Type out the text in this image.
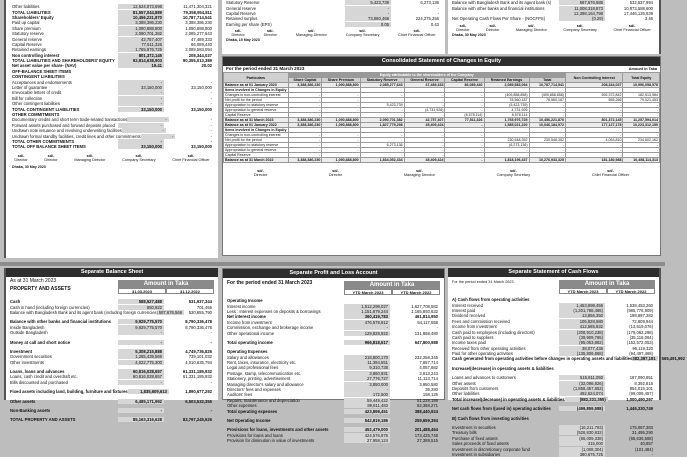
Other liabilities	12,524,073,698	11,471,304,321
TOTAL LIABILITIES	81,557,044,889	79,358,954,811
Shareholders' Equity	10,456,221,870	10,787,714,541
Paid up capital	3,388,386,230	3,388,386,230
Share premium	1,090,888,800	1,090,888,800
Statutory reserve	2,090,701,382	2,085,277,643
General reserve	42,757,407	47,489,333
Capital Reserve	77,511,326	86,089,440
Retained earnings	1,765,976,725	2,089,583,094
Non controlling interest	801,372,145	208,344,037
TOTAL LIABILITIES AND SHAREHOLDERS' EQUITY	92,814,638,903	90,355,013,389
Net asset value per share- (NAV)	19.41	20.02
OFF-BALANCE SHEET ITEMS
CONTINGENT LIABILITIES
Acceptances and endorsements	-	-
Letter of guarantee	33,150,000	33,150,000
Irrevocable letters of credit	-	-
Bill for collection	-	-
Other contingent liabilities	-	-
TOTAL CONTINGENT LIABILITIES	33,150,000	33,150,000
OTHER COMMITMENTS
Documentary credits and short term trade-related transactions	-	-
Forward assets purchased and forward deposits placed	-	-
Undrawn note issuance and revolving underwriting facilities	-	-
Undrawn formal standby facilities, credit lines and other commitments	-	-
TOTAL OTHER COMMITMENTS	-	-
TOTAL OFF BALANCE SHEET ITEMS	33,150,000	33,150,000
sd/-
Director
sd/-
Director
sd/-
Managing Director
sd/-
Company Secretary
sd/-
Chief Financial Officer
Dhaka, 30 May 2023
Statutory Reserve	5,423,739	6,273,136
General reserve	-	-
Capital Reserve	-	-
Retained surplus	73,060,468	224,275,256
Earning per share (EPS)	0.05	0.43
sd/-
Director
sd/-
Director
sd/-
Managing Director
sd/-
Company Secretary
sd/-
Chief Financial Officer
Dhaka, 15 May 2023
Balance with Bangladesh Bank and its agent bank (s)	587,676,586	532,537,994
Balance with other banks and financial institutions	11,008,318,873	10,873,588,600
12,398,164,798	17,446,126,639
Net Operating Cash Flows Per Share - (NOCFPS)	(0.29)	3.46
sd/-
Director
sd/-
Director
sd/-
Managing Director
sd/-
Company Secretary
sd/-
Chief Financial Officer
Dhaka, 30 May 2023
Consolidated Statement of Changes in Equity
For the period ended 31 March 2023	Amount in Taka
Particulars	Equity attributable to the shareholders of the Company							Non Controlling Interest	Total Equity
	Share Capital	Share Premium	Statutory Reserve	General Reserve	Capital Reserve	Retained Earnings	Total		
Balance as at 01 January 2023	3,388,386,230	1,090,888,800	2,085,277,643	47,489,333	86,089,440	2,089,583,094	10,787,714,541	208,344,037	10,996,058,578
Items involved in Changes in Equity									
Changes in non-controlling interest	-	-	-	-	-	(409,858,858)	(409,858,858)	592,372,842	182,513,984
Net profit for the period	-	-	-	-	-	78,560,187	78,560,187	655,266	79,021,453
Appropriation to statutory reserve	-	-	5,423,739	-	-	(5,423,739)	-	-	-
Appropriation to general reserve	-	-	-	(4,731,926)	-	4,731,926	-	-	-
Capital Reserve	-	-	-	-	(8,578,114)	8,578,114	-	-	-
Balance as at 31 March 2023	3,388,386,230	1,090,888,800	2,090,701,382	42,757,407	77,511,326	1,765,976,725	10,456,221,870	801,372,145	11,257,594,014
Balance as at 01 January 2022	3,388,386,230	1,090,888,800	1,827,779,298	45,409,424	-	1,585,021,220	10,046,184,972	177,127,178	10,223,312,150
Items involved in Changes in Equity									
Changes in non-controlling interest	-	-	-	-	-	-	-	-	-
Net profit for the period	-	-	-	-	-	230,548,352	230,548,352	4,053,810	234,602,162
Appropriation to statutory reserve	-	-	6,273,136	-	-	(6,273,136)	-	-	-
Appropriation to general reserve	-	-	-	-	-	-	-	-	-
Capital Reserve	-	-	-	-	-	-	-	-	-
Balance as at 31 March 2022	3,388,386,230	1,090,888,800	1,834,052,434	45,409,424	-	1,818,196,437	10,276,933,325	181,180,988	10,458,114,313
sd/-
Director
sd/-
Director
sd/-
Managing Director
sd/-
Company Secretary
sd/-
Chief Financial Officer
Separate Balance Sheet
As at 31 March 2023
PROPERTY AND ASSETS
Amount in Taka
31.03.2023	31.12.2022
Cash	588,527,488	531,937,344
Cash in hand (including foreign currencies)	850,922	701,455
Balance with Bangladesh Bank and its agent bank (including foreign currencies) 587,676,566	530,655,790
Balance with other banks and financial institutions	9,929,775,570	8,790,336,478
Inside Bangladesh	9,929,775,570	8,790,336,478
Outside Bangladesh	-	-
Money at call and short notice	-	-
Investment	5,308,215,888	4,749,736,826
Government securities	1,285,439,569	739,101,032
Other investments	4,022,775,300	4,010,635,794
Loans, loans and advances	60,816,028,657	61,331,185,932
Loans, cash credit and overdraft etc.	60,816,028,657	61,331,185,932
Bills discounted and purchased	-	-
Fixed assets including land, building, furniture and fixtures	1,835,609,613	1,890,677,292
Other assets	6,485,171,992	6,503,532,355
Non-Banking assets	-	-
TOTAL PROPERTY AND ASSETS	85,163,316,628	83,797,245,626
Separate Profit and Loss Account
For the period ended 31 March 2023	Amount in Taka
YTD March 2023	YTD March 2022
Operating Income
Interest income	1,512,299,027	1,627,708,582
Less : Interest expenses on deposits & borrowings	1,151,879,244	1,165,893,632
Net interest income	360,419,783	461,814,950
Income from investment	476,578,912	54,117,558
Commission, exchange and brokerage income	-	-
Other operational income	129,828,922	131,868,480
Total operating income	966,818,617	647,800,988
Operating Expenses
Salary and allowances	218,800,170	232,258,345
Rent, taxes, insurance, electricity etc.	11,394,551	7,657,714
Legal and professional fees	9,310,738	4,057,882
Postage, stamp, telecommunication etc.	3,860,931	3,813,243
Stationery, printing, advertisement	27,776,727	11,113,714
Managing director's salary and allowance	3,850,000	3,950,580
Directors' fees and expenses	-	39,280
Auditors' fees	172,500	158,125
Repairs, maintenance and depreciation	59,449,422	51,228,186
Other expenses	89,811,483	82,368,271
Total operating expenses	423,898,451	388,440,924
Net Operating Income	542,819,186	259,659,394
Provisions for loans, investments and other assets	452,479,000	201,488,464
Provisions for loans and loans	424,576,876	173,425,748
Provision for diminution in value of investments	27,958,124	27,389,515
Separate Statement of Cash Flows
For the period ended 31 March 2023	Amount in Taka
YTD March 2023	YTD March 2022
A) Cash flows from operating activities
Interest received	1,453,899,456	1,538,453,260
Interest paid	(1,201,788,465)	(985,776,909)
Dividend received	13,856,350	198,697,282
Fees and commission received	105,828,680	72,809,944
Income from investment	412,585,832	(13,519,076)
Cash paid to employees (including directors)	(208,910,238)	(179,062,298)
Cash paid to suppliers	(39,909,765)	(35,116,064)
Income taxes paid	(95,053,882)	(152,572,053)
Received from other operating activities	38,077,436	96,119,320
Paid for other operating activities	(135,806,868)	(94,497,468)
Cash generated from operating activities before changes in operating assets and liabilities 382,387,181	565,491,992
Increase/(decrease) in operating assets & liabilities
Loans and advances to customers	515,811,050	187,090,851
Other assets	(32,098,826)	8,392,818
Deposits from customers	(1,858,457,653)	854,015,101
Other liabilities	492,624,074	(99,008,457)
Total increase/(decrease) in operating assets & liabilities	(882,221,355)	1,000,490,297
Net cash flows from /(used in) operating activities	(499,859,588)	1,446,330,749
B) Cash flows from investing activities
Investment in securities	(16,211,793)	175,087,383
Treasury bills	(528,830,832)	31,495,290
Purchase of fixed assets	(86,009,338)	(65,636,588)
Sales proceeds of fixed assets	315,000	40,857
Investment in discretionary corporate fund	(1,008,304)	(101,484)
Investment in subsidiaries	380,675,725	-
